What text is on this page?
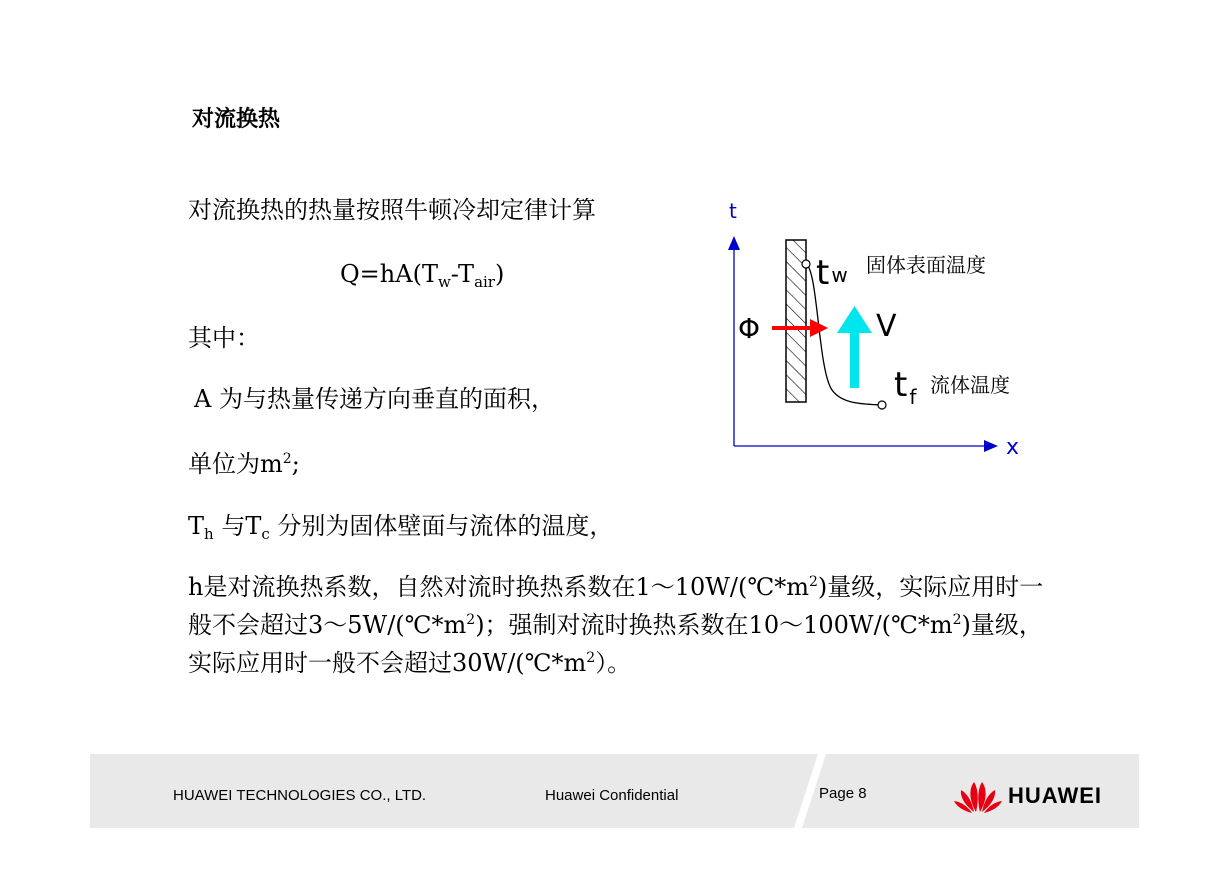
对流换热
对流换热的热量按照牛顿冷却定律计算
$Q=hA(T_w-T_{air})$
其中：
A 为与热量传递方向垂直的面积，
单位为$m^2$;
$T_h$ 与$T_c$ 分别为固体壁面与流体的温度，
h是对流换热系数，自然对流时换热系数在$1\sim 10W/(℃*m^2)$量级，实际应用时一般不会超过$3\sim 5W/(℃*m^2)$；强制对流时换热系数在$10\sim 100W/(℃*m^2)$量级，实际应用时一般不会超过$30W/(℃*m^2)$。
t
x
Φ	V
tw 固体表面温度
t $_f$ 流体温度
HUAWEI TECHNOLOGIES CO., LTD.	Huawei Confidential	Page 8	HUAWEI
